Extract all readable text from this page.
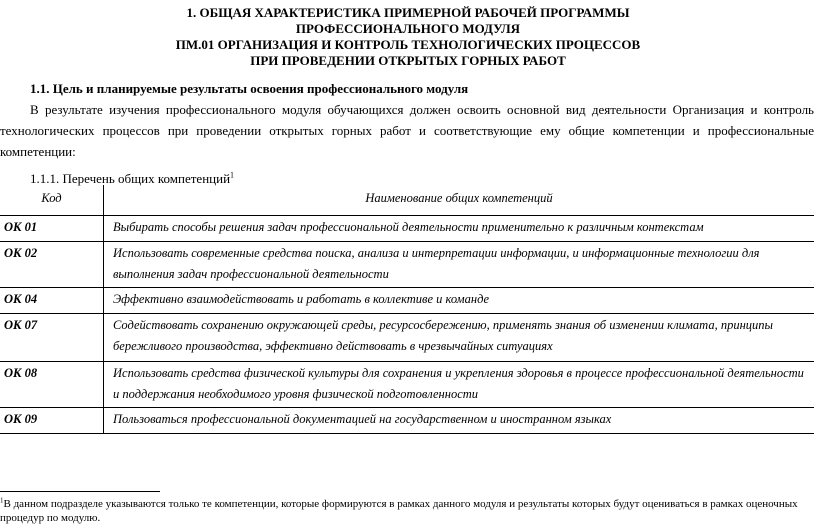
1. ОБЩАЯ ХАРАКТЕРИСТИКА ПРИМЕРНОЙ РАБОЧЕЙ ПРОГРАММЫ
ПРОФЕССИОНАЛЬНОГО МОДУЛЯ
ПМ.01 ОРГАНИЗАЦИЯ И КОНТРОЛЬ ТЕХНОЛОГИЧЕСКИХ ПРОЦЕССОВ
ПРИ ПРОВЕДЕНИИ ОТКРЫТЫХ ГОРНЫХ РАБОТ
1.1. Цель и планируемые результаты освоения профессионального модуля

В результате изучения профессионального модуля обучающихся должен освоить основной вид деятельности Организация и контроль технологических процессов при проведении открытых горных работ и соответствующие ему общие компетенции и профессиональные компетенции:

1.1.1. Перечень общих компетенций$^1$
Код	Наименование общих компетенций
ОК 01	Выбирать способы решения задач профессиональной деятельности применительно к различным контекстам
ОК 02	Использовать современные средства поиска, анализа и интерпретации информации, и информационные технологии для выполнения задач профессиональной деятельности
ОК 04	Эффективно взаимодействовать и работать в коллективе и команде
ОК 07	Содействовать сохранению окружающей среды, ресурсосбережению, применять знания об изменении климата, принципы бережливого производства, эффективно действовать в чрезвычайных ситуациях
ОК 08	Использовать средства физической культуры для сохранения и укрепления здоровья в процессе профессиональной деятельности и поддержания необходимого уровня физической подготовленности
ОК 09	Пользоваться профессиональной документацией на государственном и иностранном языках

$^1$В данном подразделе указываются только те компетенции, которые формируются в рамках данного модуля и результаты которых будут оцениваться в рамках оценочных процедур по модулю.
